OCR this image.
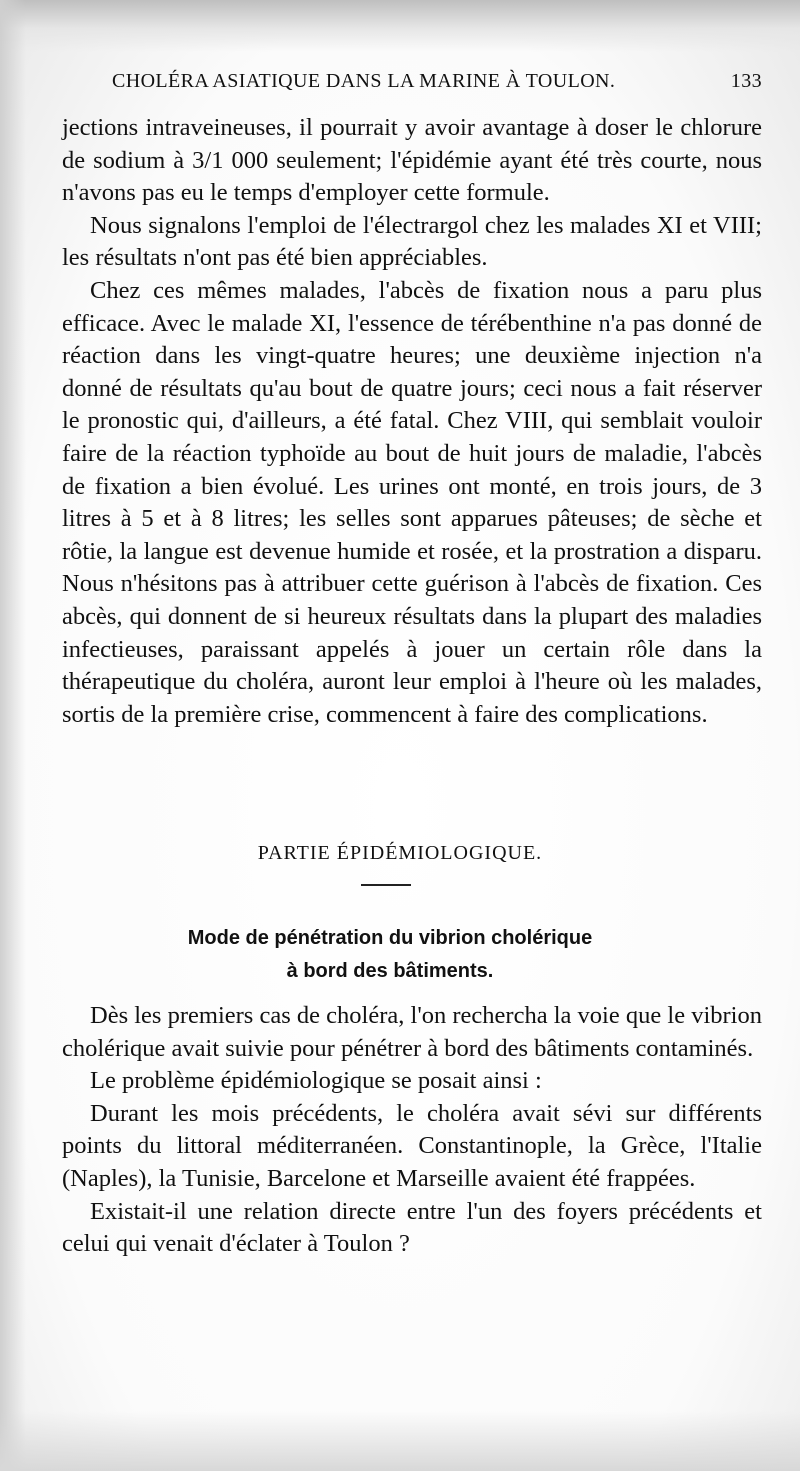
CHOLÉRA ASIATIQUE DANS LA MARINE À TOULON.	133

jections intraveineuses, il pourrait y avoir avantage à doser le chlorure de sodium à 3/1 000 seulement; l'épidémie ayant été très courte, nous n'avons pas eu le temps d'employer cette formule.

Nous signalons l'emploi de l'électrargol chez les malades XI et VIII; les résultats n'ont pas été bien appréciables.

Chez ces mêmes malades, l'abcès de fixation nous a paru plus efficace. Avec le malade XI, l'essence de térébenthine n'a pas donné de réaction dans les vingt-quatre heures; une deuxième injection n'a donné de résultats qu'au bout de quatre jours; ceci nous a fait réserver le pronostic qui, d'ailleurs, a été fatal. Chez VIII, qui semblait vouloir faire de la réaction typhoïde au bout de huit jours de maladie, l'abcès de fixation a bien évolué. Les urines ont monté, en trois jours, de 3 litres à 5 et à 8 litres; les selles sont apparues pâteuses; de sèche et rôtie, la langue est devenue humide et rosée, et la prostration a disparu. Nous n'hésitons pas à attribuer cette guérison à l'abcès de fixation. Ces abcès, qui donnent de si heureux résultats dans la plupart des maladies infectieuses, paraissant appelés à jouer un certain rôle dans la thérapeutique du choléra, auront leur emploi à l'heure où les malades, sortis de la première crise, commencent à faire des complications.

PARTIE ÉPIDÉMIOLOGIQUE.
Mode de pénétration du vibrion cholérique
à bord des bâtiments.

Dès les premiers cas de choléra, l'on rechercha la voie que le vibrion cholérique avait suivie pour pénétrer à bord des bâtiments contaminés.

Le problème épidémiologique se posait ainsi :

Durant les mois précédents, le choléra avait sévi sur différents points du littoral méditerranéen. Constantinople, la Grèce, l'Italie (Naples), la Tunisie, Barcelone et Marseille avaient été frappées.

Existait-il une relation directe entre l'un des foyers précédents et celui qui venait d'éclater à Toulon ?
